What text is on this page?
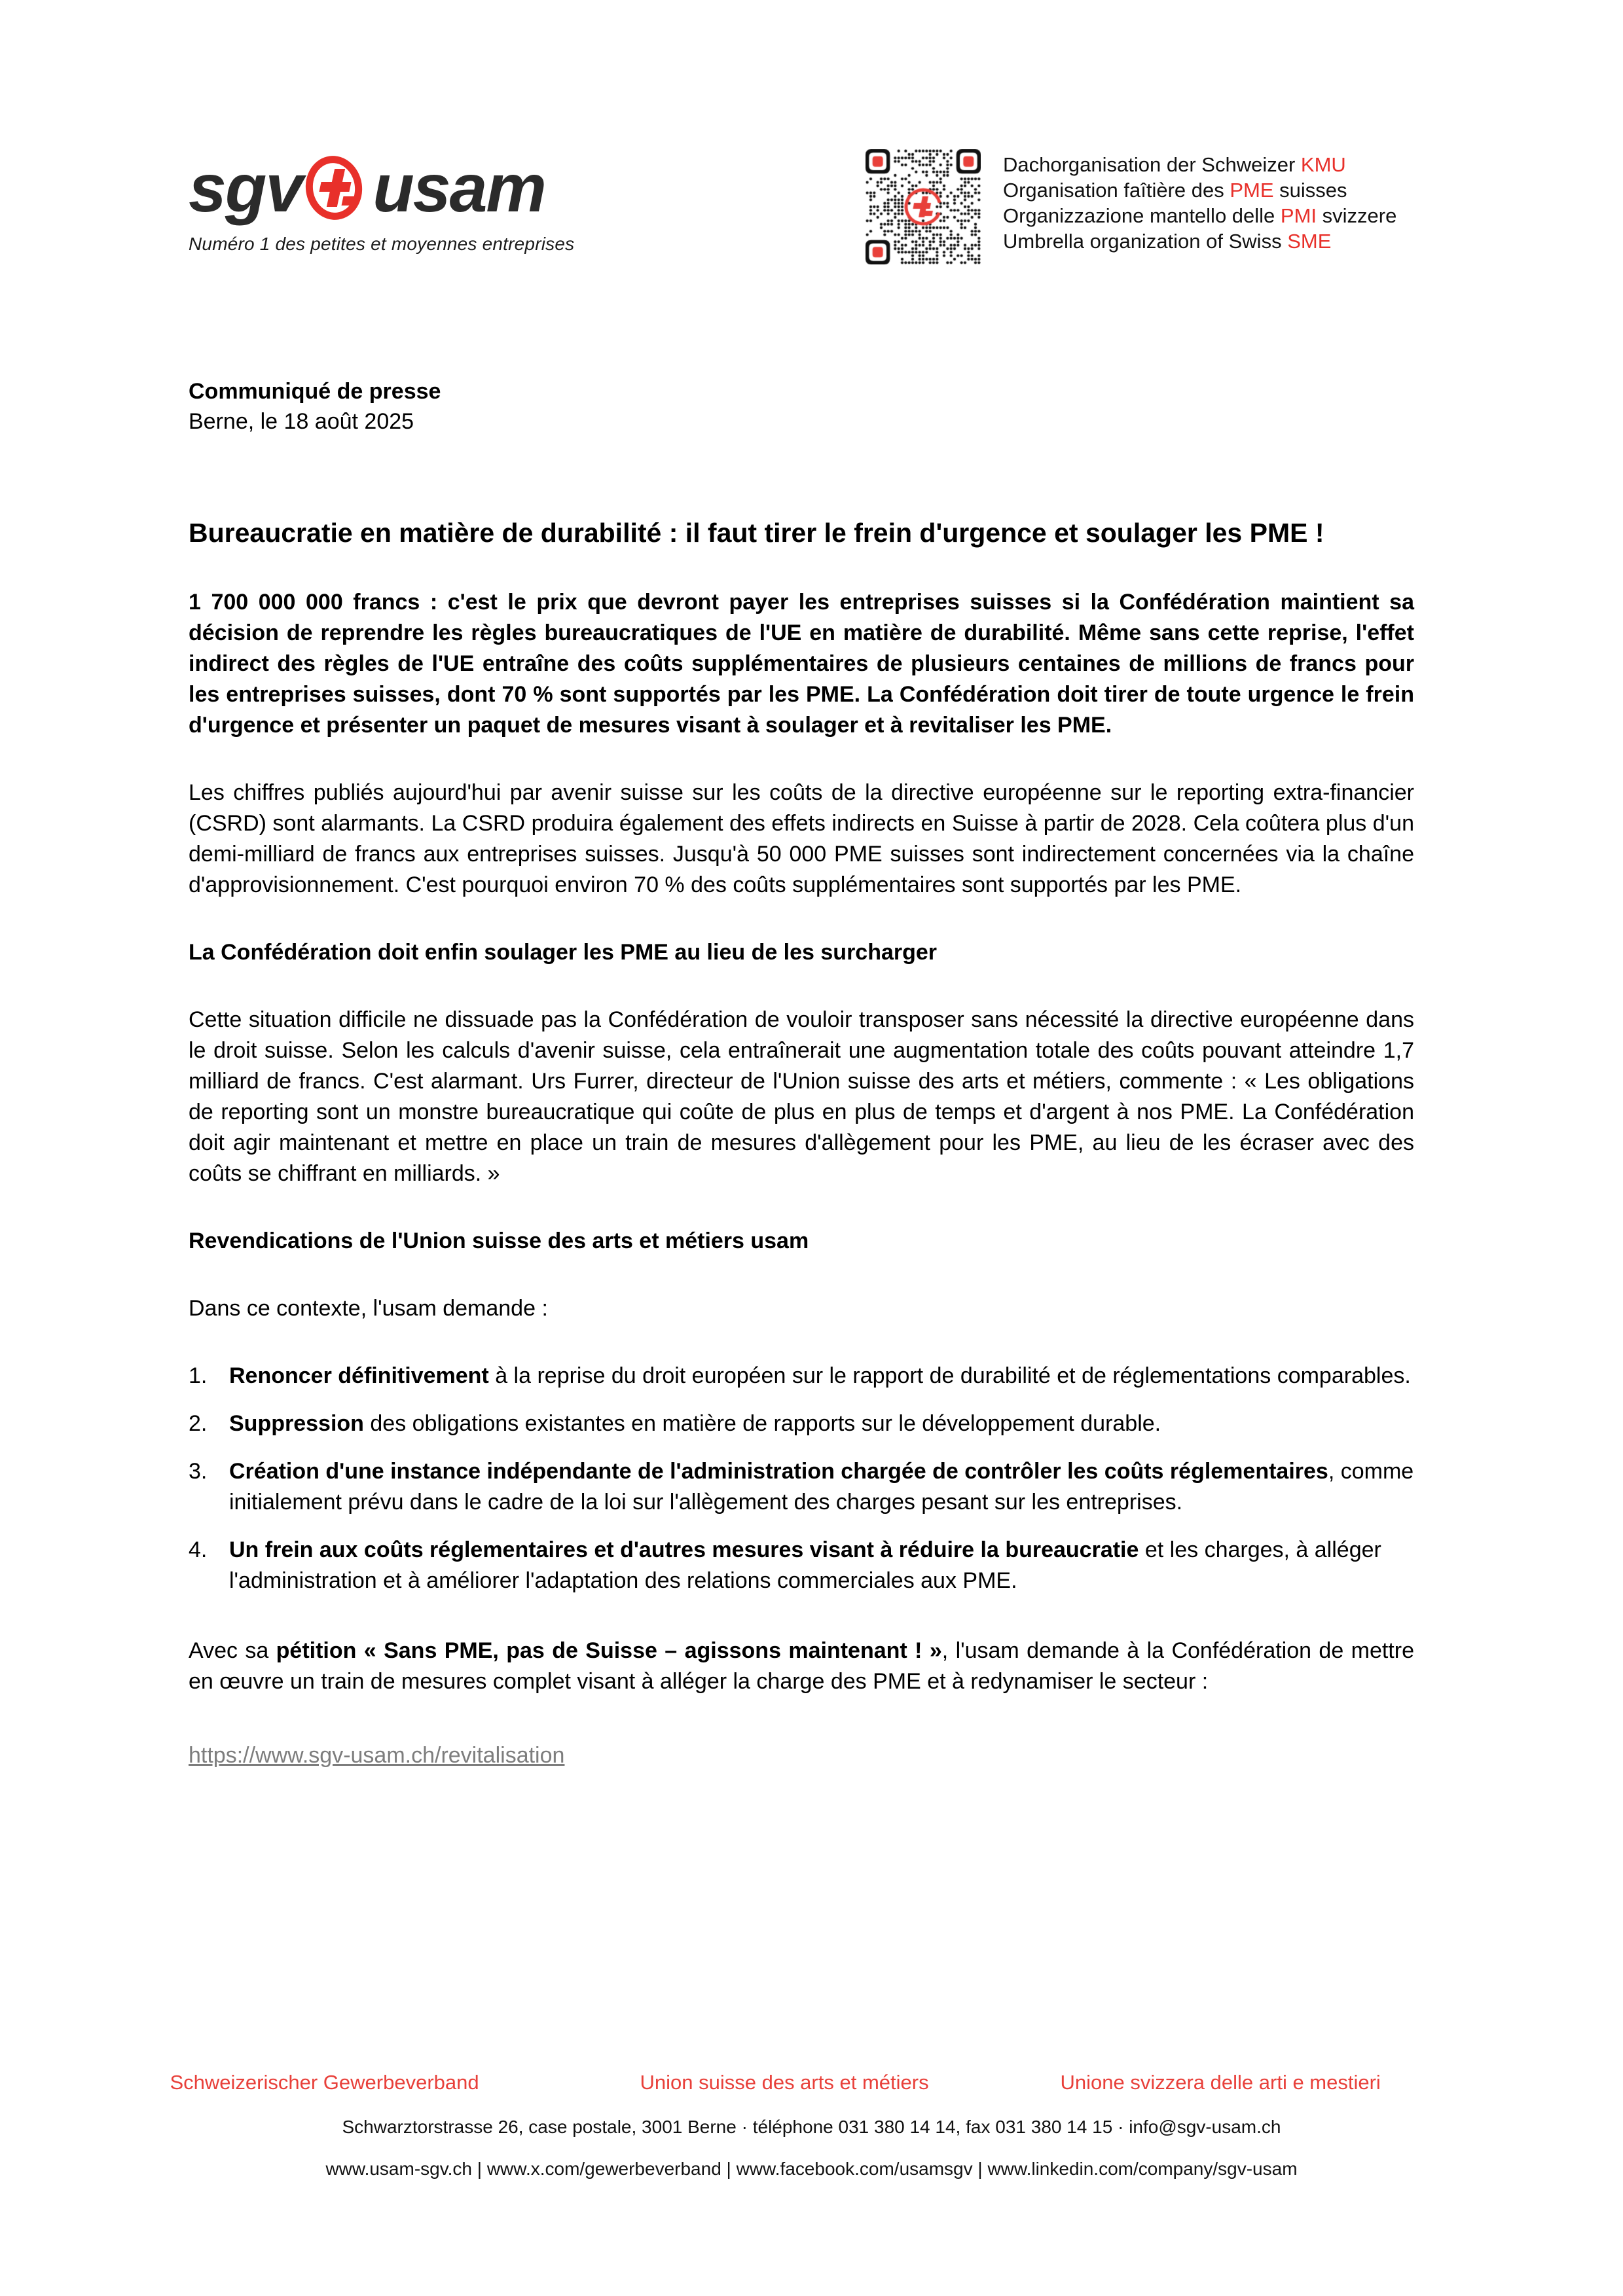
sgv usam
Numéro 1 des petites et moyennes entreprises
Dachorganisation der Schweizer KMU
Organisation faîtière des PME suisses
Organizzazione mantello delle PMI svizzere
Umbrella organization of Swiss SME
Communiqué de presse
Berne, le 18 août 2025
Bureaucratie en matière de durabilité : il faut tirer le frein d'urgence et soulager les PME !

1 700 000 000 francs : c'est le prix que devront payer les entreprises suisses si la Confédération maintient sa décision de reprendre les règles bureaucratiques de l'UE en matière de durabilité. Même sans cette reprise, l'effet indirect des règles de l'UE entraîne des coûts supplémentaires de plusieurs centaines de millions de francs pour les entreprises suisses, dont 70 % sont supportés par les PME. La Confédération doit tirer de toute urgence le frein d'urgence et présenter un paquet de mesures visant à soulager et à revitaliser les PME.

Les chiffres publiés aujourd'hui par avenir suisse sur les coûts de la directive européenne sur le reporting extra-financier (CSRD) sont alarmants. La CSRD produira également des effets indirects en Suisse à partir de 2028. Cela coûtera plus d'un demi-milliard de francs aux entreprises suisses. Jusqu'à 50 000 PME suisses sont indirectement concernées via la chaîne d'approvisionnement. C'est pourquoi environ 70 % des coûts supplémentaires sont supportés par les PME.

La Confédération doit enfin soulager les PME au lieu de les surcharger

Cette situation difficile ne dissuade pas la Confédération de vouloir transposer sans nécessité la directive européenne dans le droit suisse. Selon les calculs d'avenir suisse, cela entraînerait une augmentation totale des coûts pouvant atteindre 1,7 milliard de francs. C'est alarmant. Urs Furrer, directeur de l'Union suisse des arts et métiers, commente : « Les obligations de reporting sont un monstre bureaucratique qui coûte de plus en plus de temps et d'argent à nos PME. La Confédération doit agir maintenant et mettre en place un train de mesures d'allègement pour les PME, au lieu de les écraser avec des coûts se chiffrant en milliards. »

Revendications de l'Union suisse des arts et métiers usam

Dans ce contexte, l'usam demande :

Renoncer définitivement à la reprise du droit européen sur le rapport de durabilité et de réglementations comparables.
Suppression des obligations existantes en matière de rapports sur le développement durable.
Création d'une instance indépendante de l'administration chargée de contrôler les coûts réglementaires, comme
initialement prévu dans le cadre de la loi sur l'allègement des charges pesant sur les entreprises.
Un frein aux coûts réglementaires et d'autres mesures visant à réduire la bureaucratie et les charges, à alléger l'administration et à améliorer l'adaptation des relations commerciales aux PME.

Avec sa pétition « Sans PME, pas de Suisse – agissons maintenant ! », l'usam demande à la Confédération de mettre en œuvre un train de mesures complet visant à alléger la charge des PME et à redynamiser le secteur :

https://www.sgv-usam.ch/revitalisation
Schweizerischer Gewerbeverband	Union suisse des arts et métiers	Unione svizzera delle arti e mestieri
Schwarztorstrasse 26, case postale, 3001 Berne · téléphone 031 380 14 14, fax 031 380 14 15 · info@sgv-usam.ch
www.usam-sgv.ch | www.x.com/gewerbeverband | www.facebook.com/usamsgv | www.linkedin.com/company/sgv-usam
